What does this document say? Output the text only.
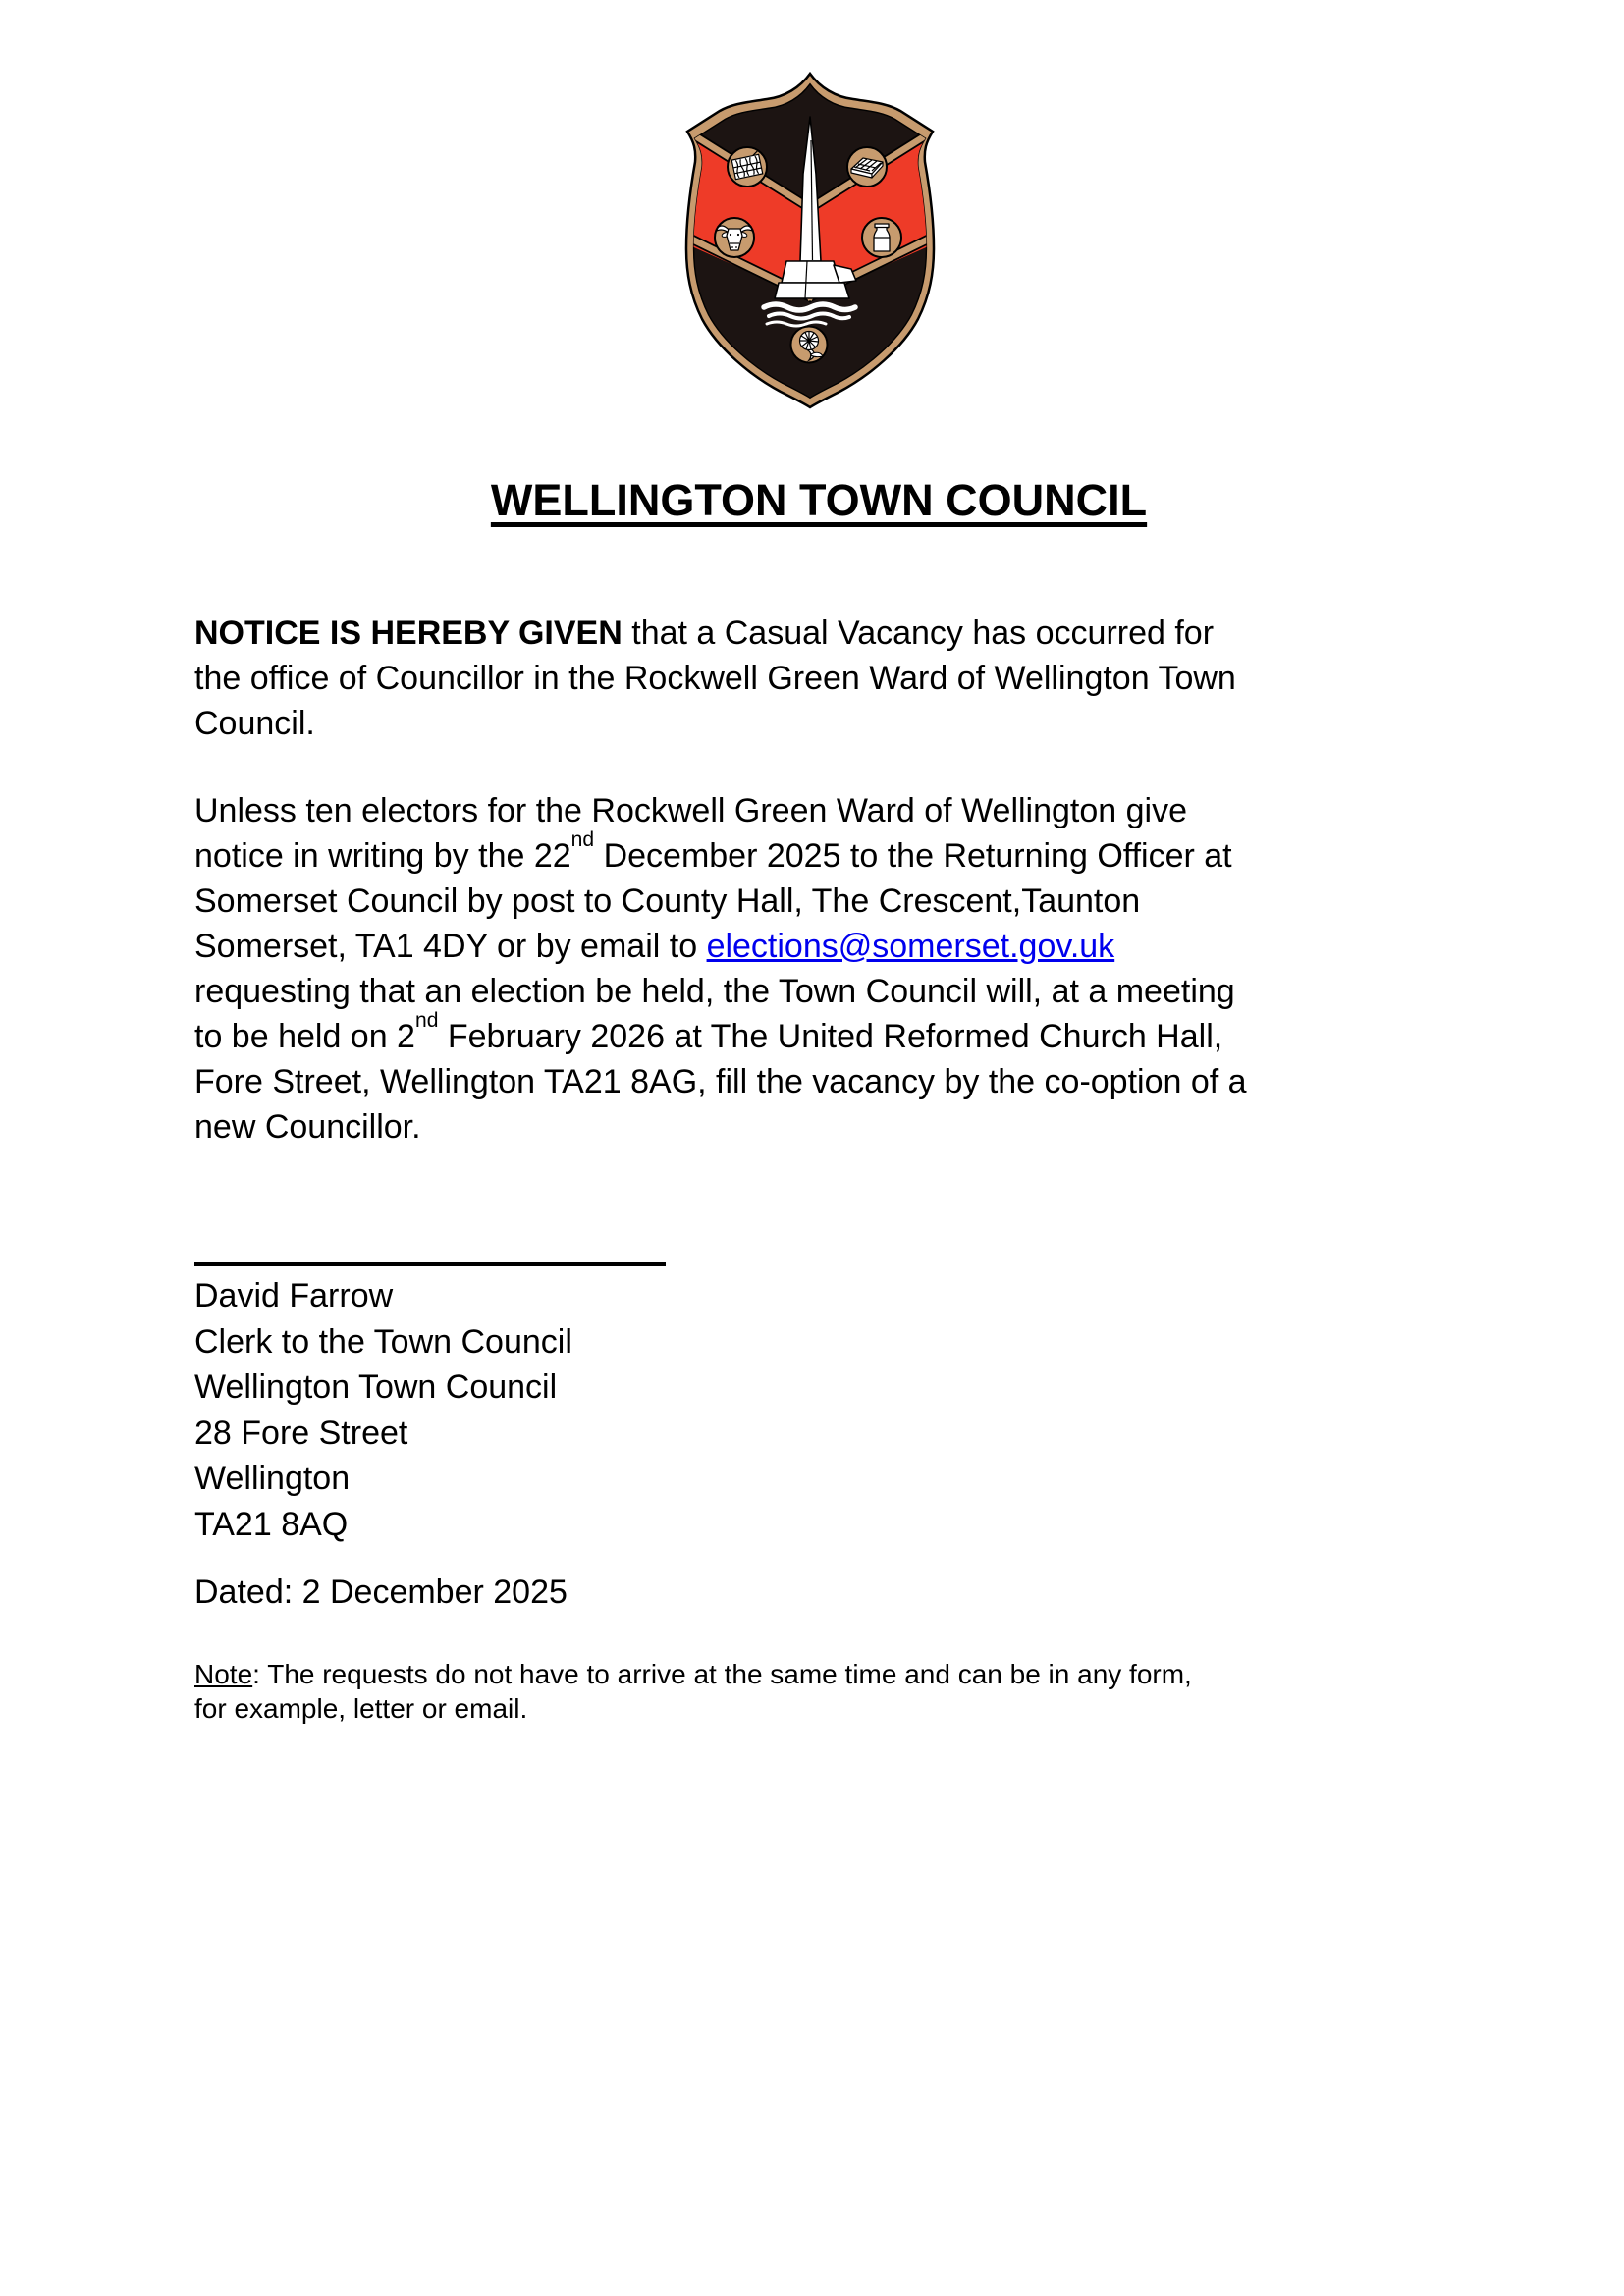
WELLINGTON TOWN COUNCIL
NOTICE IS HEREBY GIVEN that a Casual Vacancy has occurred for
the office of Councillor in the Rockwell Green Ward of Wellington Town
Council.
Unless ten electors for the Rockwell Green Ward of Wellington give
notice in writing by the 22nd December 2025 to the Returning Officer at
Somerset Council by post to County Hall, The Crescent,Taunton
Somerset, TA1 4DY or by email to elections@somerset.gov.uk
requesting that an election be held, the Town Council will, at a meeting
to be held on 2nd February 2026 at The United Reformed Church Hall,
Fore Street, Wellington TA21 8AG, fill the vacancy by the co-option of a
new Councillor.
David Farrow
Clerk to the Town Council
Wellington Town Council
28 Fore Street
Wellington
TA21 8AQ
Dated: 2 December 2025
Note: The requests do not have to arrive at the same time and can be in any form,
for example, letter or email.
